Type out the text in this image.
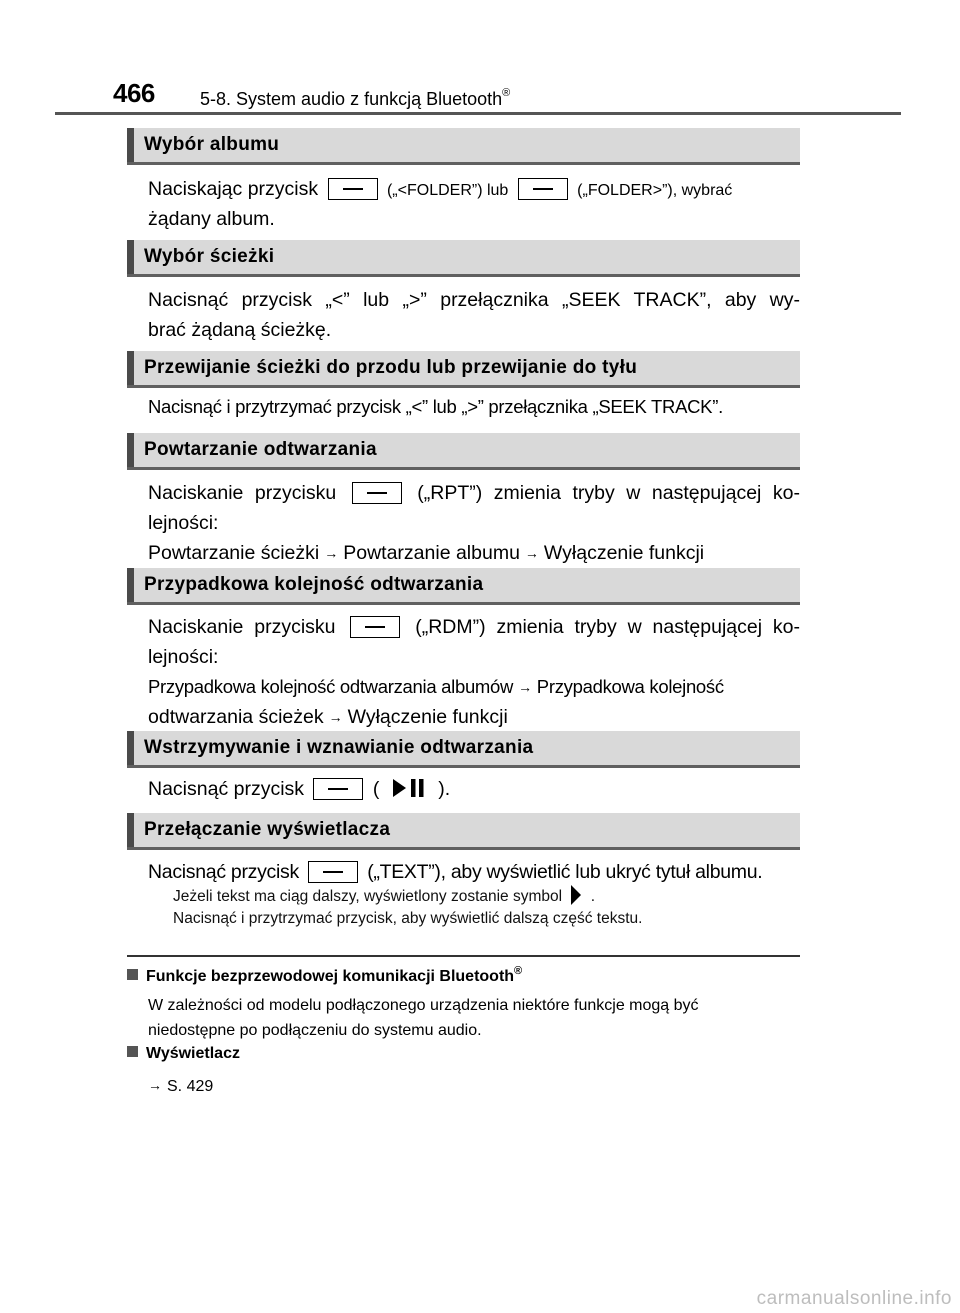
466	5-8. System audio z funkcją Bluetooth®
Wybór albumu
Naciskając przycisk	(„<FOLDER”) lub	(„FOLDER>”), wybrać
żądany album.
Wybór ścieżki
Nacisnąć przycisk „<” lub „>” przełącznika „SEEK TRACK”, aby wy-
brać żądaną ścieżkę.
Przewijanie ścieżki do przodu lub przewijanie do tyłu
Nacisnąć i przytrzymać przycisk „<” lub „>” przełącznika „SEEK TRACK”.
Powtarzanie odtwarzania
Naciskanie przycisku	(„RPT”) zmienia tryby w następującej ko-
lejności:
Powtarzanie ścieżki → Powtarzanie albumu → Wyłączenie funkcji
Przypadkowa kolejność odtwarzania
Naciskanie przycisku	(„RDM”) zmienia tryby w następującej ko-
lejności:
Przypadkowa kolejność odtwarzania albumów → Przypadkowa kolejność
odtwarzania ścieżek → Wyłączenie funkcji
Wstrzymywanie i wznawianie odtwarzania
Nacisnąć przycisk	(	).
Przełączanie wyświetlacza
Nacisnąć przycisk	(„TEXT”), aby wyświetlić lub ukryć tytuł albumu.
Jeżeli tekst ma ciąg dalszy, wyświetlony zostanie symbol .
Nacisnąć i przytrzymać przycisk, aby wyświetlić dalszą część tekstu.
Funkcje bezprzewodowej komunikacji Bluetooth®
W zależności od modelu podłączonego urządzenia niektóre funkcje mogą być
niedostępne po podłączeniu do systemu audio.
Wyświetlacz
→ S. 429
carmanualsonline.info
